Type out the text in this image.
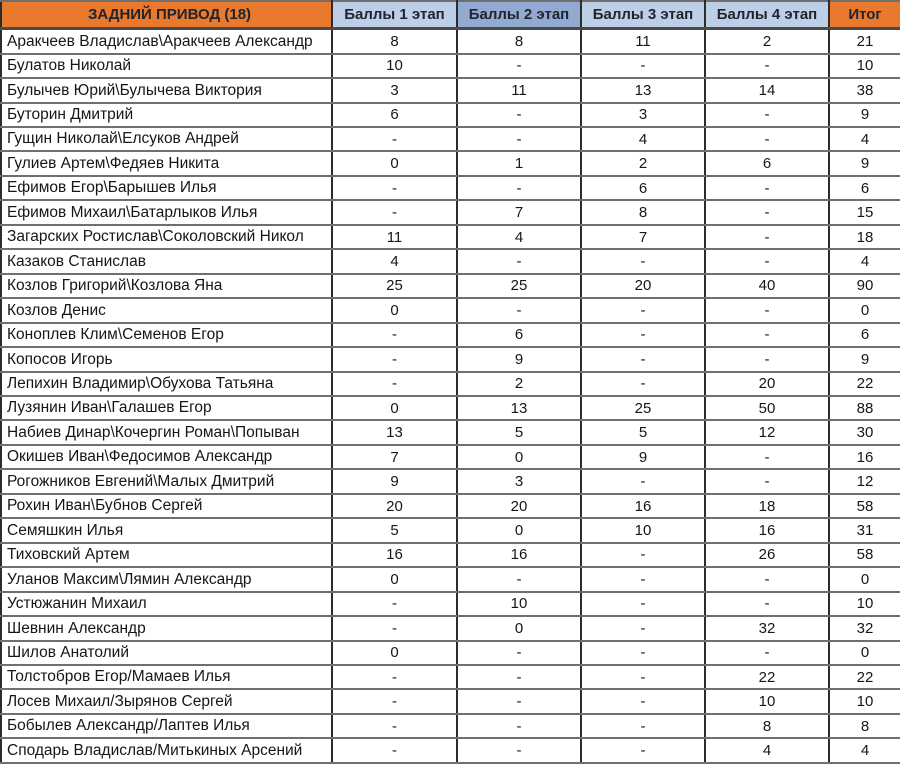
ЗАДНИЙ ПРИВОД (18)	Баллы 1 этап	Баллы 2 этап	Баллы 3 этап	Баллы 4 этап	Итог
Аракчеев Владислав\Аракчеев Александр	8	8	11	2	21
Булатов Николай	10	-	-	-	10
Булычев Юрий\Булычева Виктория	3	11	13	14	38
Буторин Дмитрий	6	-	3	-	9
Гущин Николай\Елсуков Андрей	-	-	4	-	4
Гулиев Артем\Федяев Никита	0	1	2	6	9
Ефимов Егор\Барышев Илья	-	-	6	-	6
Ефимов Михаил\Батарлыков Илья	-	7	8	-	15
Загарских Ростислав\Соколовский Никол	11	4	7	-	18
Казаков Станислав	4	-	-	-	4
Козлов Григорий\Козлова Яна	25	25	20	40	90
Козлов Денис	0	-	-	-	0
Коноплев Клим\Семенов Егор	-	6	-	-	6
Копосов Игорь	-	9	-	-	9
Лепихин Владимир\Обухова Татьяна	-	2	-	20	22
Лузянин Иван\Галашев Егор	0	13	25	50	88
Набиев Динар\Кочергин Роман\Попыван	13	5	5	12	30
Окишев Иван\Федосимов Александр	7	0	9	-	16
Рогожников Евгений\Малых Дмитрий	9	3	-	-	12
Рохин Иван\Бубнов Сергей	20	20	16	18	58
Семяшкин Илья	5	0	10	16	31
Тиховский Артем	16	16	-	26	58
Уланов Максим\Лямин Александр	0	-	-	-	0
Устюжанин Михаил	-	10	-	-	10
Шевнин Александр	-	0	-	32	32
Шилов Анатолий	0	-	-	-	0
Толстобров Егор/Мамаев Илья	-	-	-	22	22
Лосев Михаил/Зырянов Сергей	-	-	-	10	10
Бобылев Александр/Лаптев Илья	-	-	-	8	8
Сподарь Владислав/Митькиных Арсений	-	-	-	4	4
